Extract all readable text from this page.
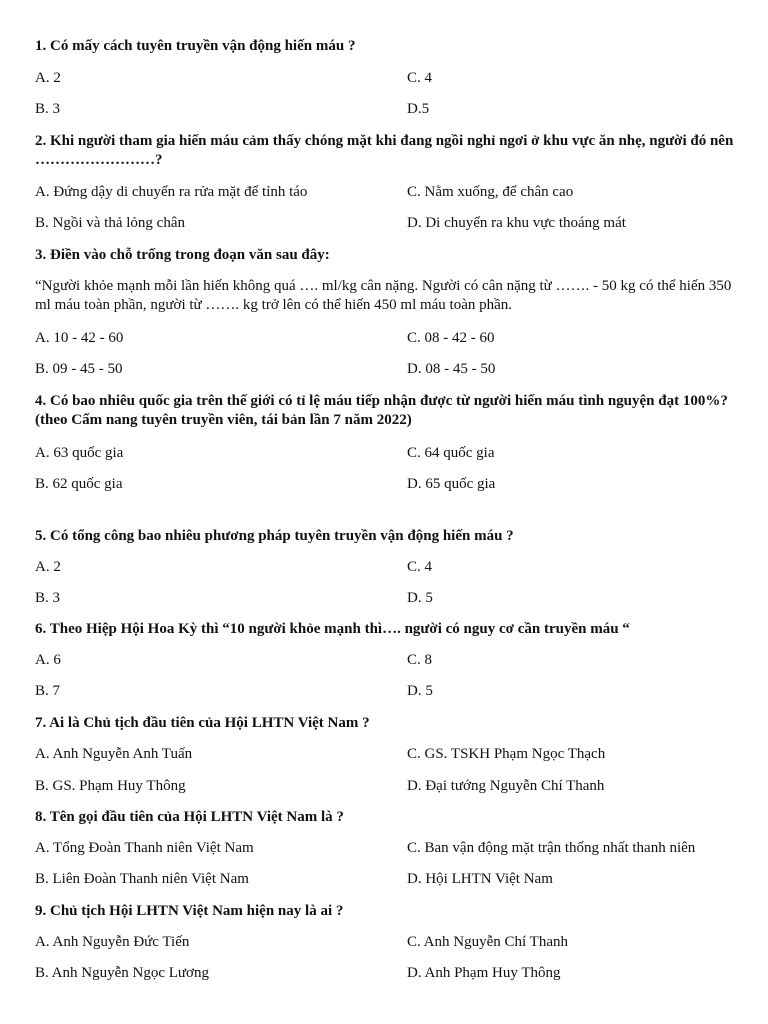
1. Có mấy cách tuyên truyền vận động hiến máu ?
A. 2	C. 4
B. 3	D.5
2. Khi người tham gia hiến máu cảm thấy chóng mặt khi đang ngồi nghỉ ngơi ở khu vực ăn nhẹ, người đó nên ……………………?
A. Đứng dậy di chuyển ra rửa mặt để tỉnh táo	C. Nằm xuống, để chân cao
B. Ngồi và thả lỏng chân	D. Di chuyển ra khu vực thoáng mát
3. Điền vào chỗ trống trong đoạn văn sau đây:
“Người khỏe mạnh mỗi lần hiến không quá …. ml/kg cân nặng. Người có cân nặng từ ……. - 50 kg có thể hiến 350 ml máu toàn phần, người từ ……. kg trở lên có thể hiến 450 ml máu toàn phần.
A. 10 - 42 - 60	C. 08 - 42 - 60
B. 09 - 45 - 50	D. 08 - 45 - 50
4. Có bao nhiêu quốc gia trên thế giới có tỉ lệ máu tiếp nhận được từ người hiến máu tình nguyện đạt 100%? (theo Cẩm nang tuyên truyền viên, tái bản lần 7 năm 2022)
A. 63 quốc gia	C. 64 quốc gia
B. 62 quốc gia	D. 65 quốc gia
5. Có tổng công bao nhiêu phương pháp tuyên truyền vận động hiến máu ?
A. 2	C. 4
B. 3	D. 5
6. Theo Hiệp Hội Hoa Kỳ thì “10 người khỏe mạnh thì…. người có nguy cơ cần truyền máu “
A. 6	C. 8
B. 7	D. 5
7. Ai là Chủ tịch đầu tiên của Hội LHTN Việt Nam ?
A. Anh Nguyễn Anh Tuấn	C. GS. TSKH Phạm Ngọc Thạch
B. GS. Phạm Huy Thông	D. Đại tướng Nguyễn Chí Thanh
8. Tên gọi đầu tiên của Hội LHTN Việt Nam là ?
A. Tổng Đoàn Thanh niên Việt Nam	C. Ban vận động mặt trận thống nhất thanh niên
B. Liên Đoàn Thanh niên Việt Nam	D. Hội LHTN Việt Nam
9. Chủ tịch Hội LHTN Việt Nam hiện nay là ai ?
A. Anh Nguyễn Đức Tiến	C. Anh Nguyễn Chí Thanh
B. Anh Nguyễn Ngọc Lương	D. Anh Phạm Huy Thông
